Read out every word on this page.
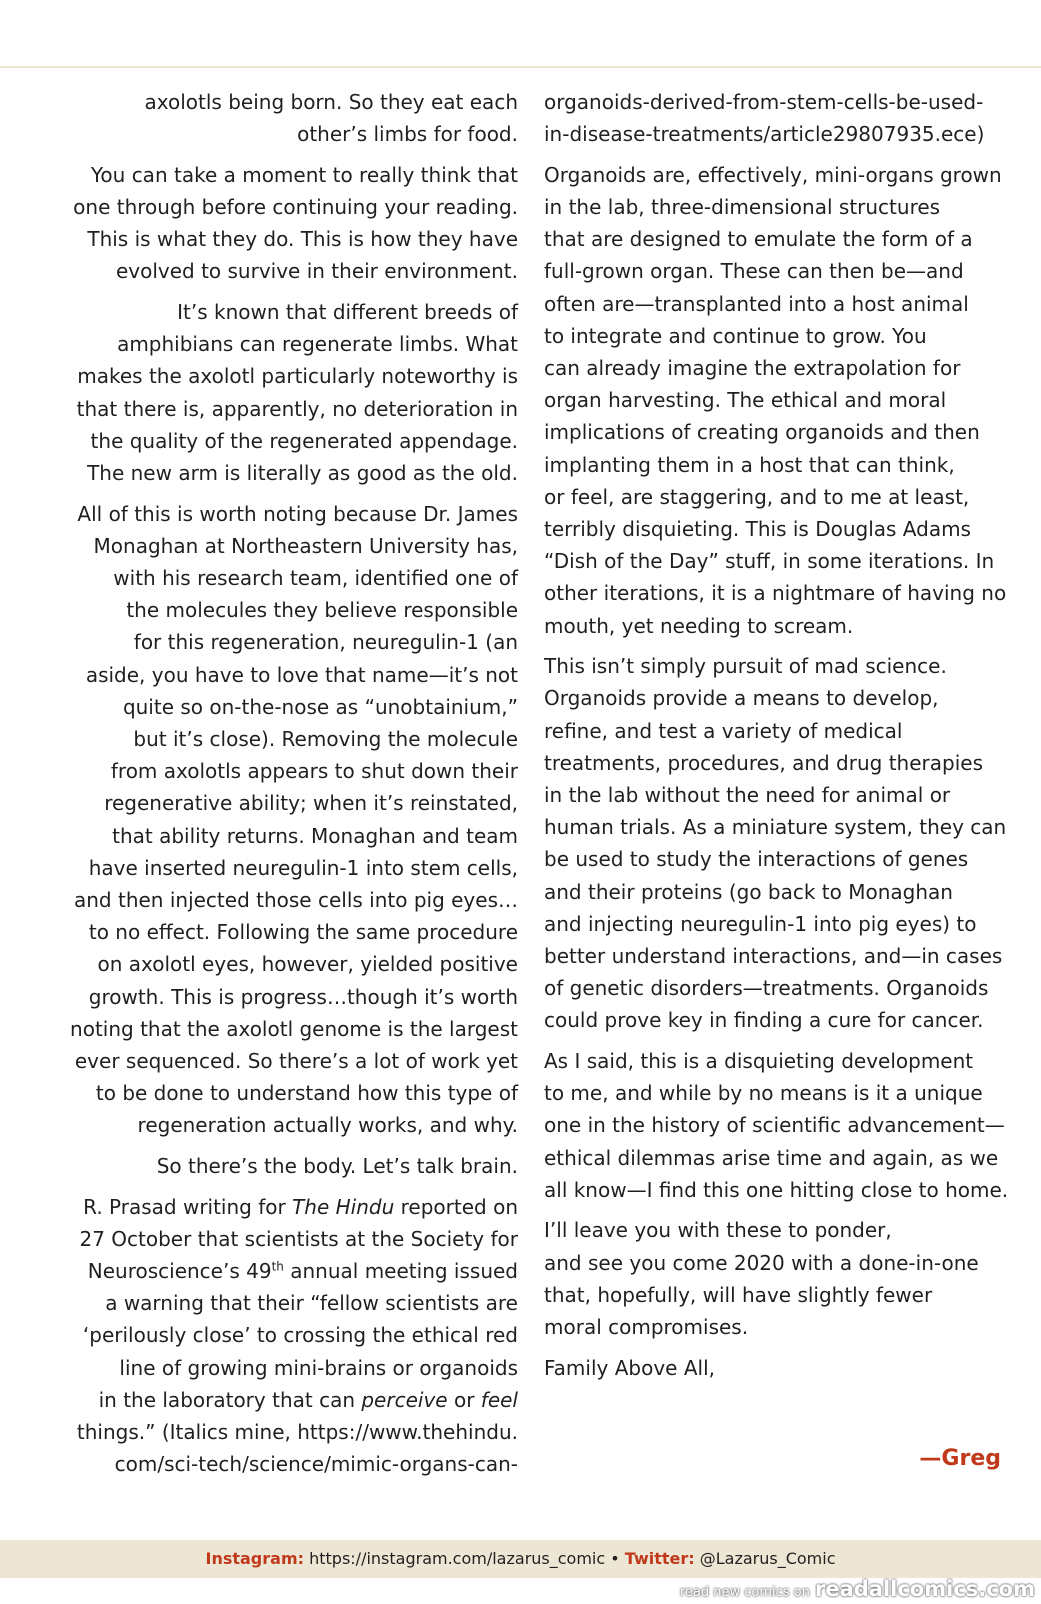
axolotls being born. So they eat each
other’s limbs for food.
You can take a moment to really think that
one through before continuing your reading.
This is what they do. This is how they have
evolved to survive in their environment.
It’s known that different breeds of
amphibians can regenerate limbs. What
makes the axolotl particularly noteworthy is
that there is, apparently, no deterioration in
the quality of the regenerated appendage.
The new arm is literally as good as the old.
All of this is worth noting because Dr. James
Monaghan at Northeastern University has,
with his research team, identified one of
the molecules they believe responsible
for this regeneration, neuregulin-1 (an
aside, you have to love that name—it’s not
quite so on-the-nose as “unobtainium,”
but it’s close). Removing the molecule
from axolotls appears to shut down their
regenerative ability; when it’s reinstated,
that ability returns. Monaghan and team
have inserted neuregulin-1 into stem cells,
and then injected those cells into pig eyes…
to no effect. Following the same procedure
on axolotl eyes, however, yielded positive
growth. This is progress…though it’s worth
noting that the axolotl genome is the largest
ever sequenced. So there’s a lot of work yet
to be done to understand how this type of
regeneration actually works, and why.
So there’s the body. Let’s talk brain.
R. Prasad writing for The Hindu reported on
27 October that scientists at the Society for
Neuroscience’s 49th annual meeting issued
a warning that their “fellow scientists are
‘perilously close’ to crossing the ethical red
line of growing mini-brains or organoids
in the laboratory that can perceive or feel
things.” (Italics mine, https://www.thehindu.
com/sci-tech/science/mimic-organs-can-
organoids-derived-from-stem-cells-be-used-
in-disease-treatments/article29807935.ece)
Organoids are, effectively, mini-organs grown
in the lab, three-dimensional structures
that are designed to emulate the form of a
full-grown organ. These can then be—and
often are—transplanted into a host animal
to integrate and continue to grow. You
can already imagine the extrapolation for
organ harvesting. The ethical and moral
implications of creating organoids and then
implanting them in a host that can think,
or feel, are staggering, and to me at least,
terribly disquieting. This is Douglas Adams
“Dish of the Day” stuff, in some iterations. In
other iterations, it is a nightmare of having no
mouth, yet needing to scream.
This isn’t simply pursuit of mad science.
Organoids provide a means to develop,
refine, and test a variety of medical
treatments, procedures, and drug therapies
in the lab without the need for animal or
human trials. As a miniature system, they can
be used to study the interactions of genes
and their proteins (go back to Monaghan
and injecting neuregulin-1 into pig eyes) to
better understand interactions, and—in cases
of genetic disorders—treatments. Organoids
could prove key in finding a cure for cancer.
As I said, this is a disquieting development
to me, and while by no means is it a unique
one in the history of scientific advancement—
ethical dilemmas arise time and again, as we
all know—I find this one hitting close to home.
I’ll leave you with these to ponder,
and see you come 2020 with a done-in-one
that, hopefully, will have slightly fewer
moral compromises.
Family Above All,
—Greg
Instagram: https://instagram.com/lazarus_comic • Twitter: @Lazarus_Comic
read new comics on readallcomics.com
